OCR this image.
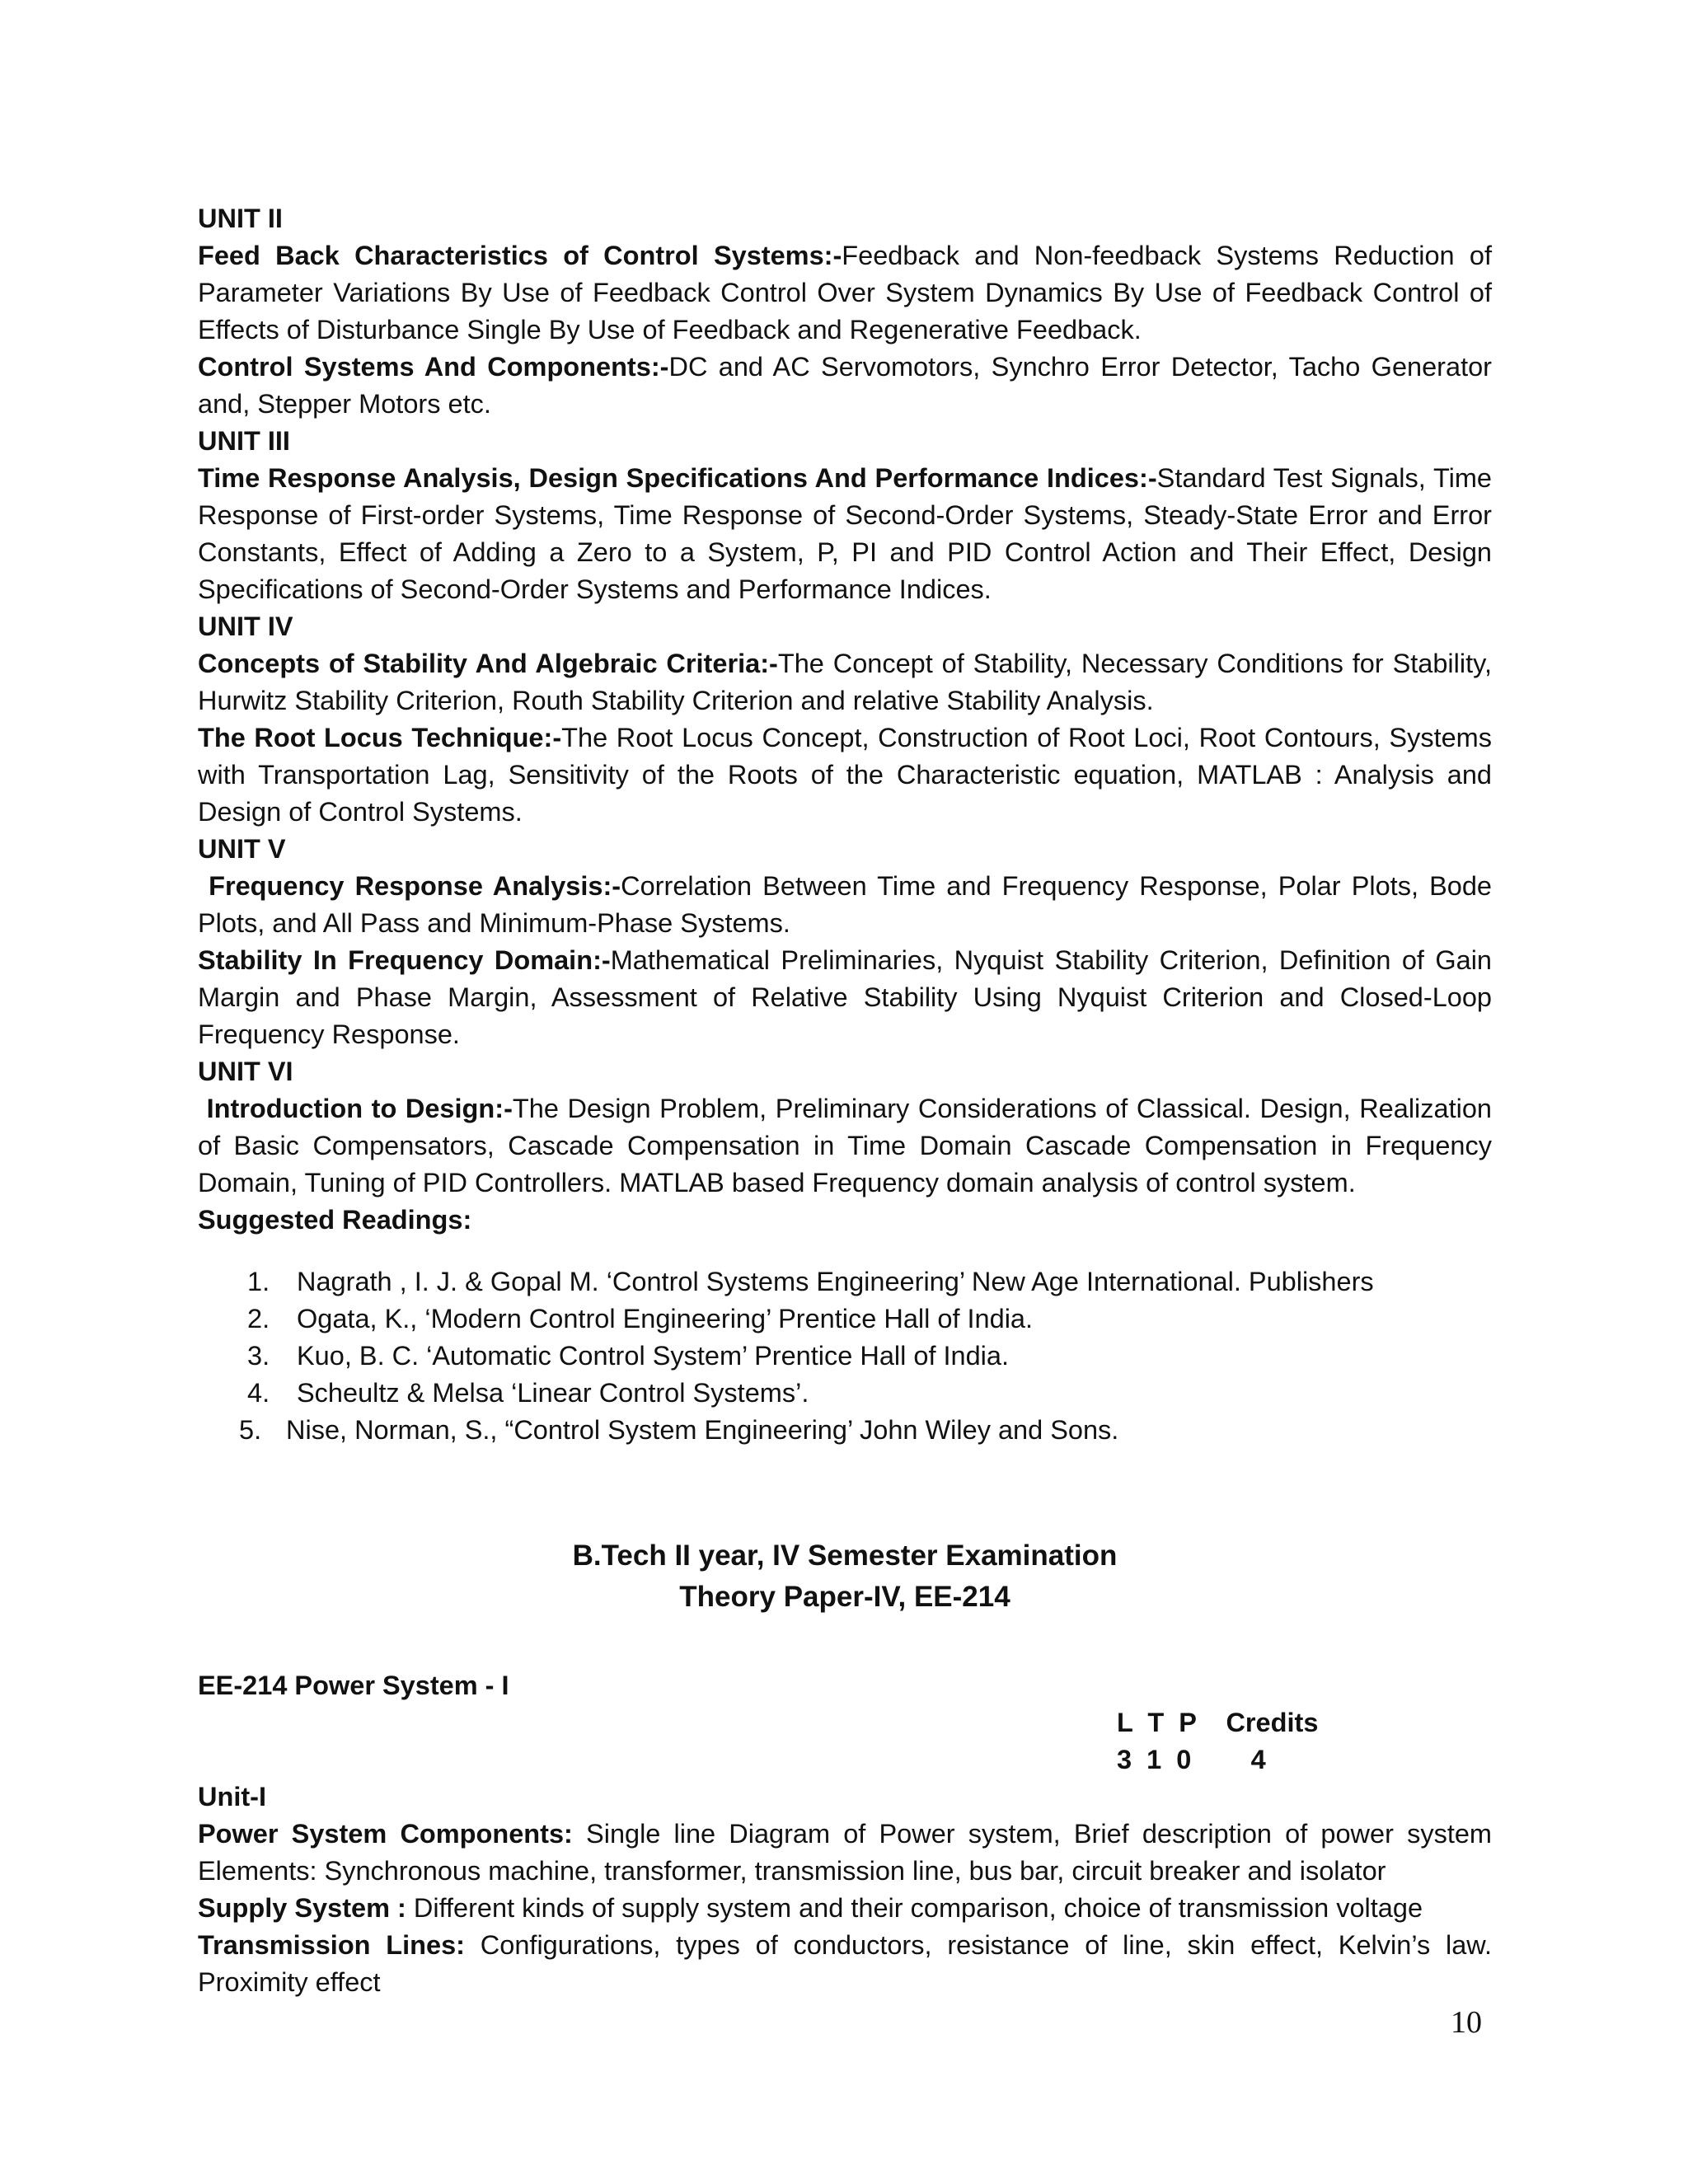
UNIT II

Feed Back Characteristics of Control Systems:-Feedback and Non-feedback Systems Reduction of Parameter Variations By Use of Feedback Control Over System Dynamics By Use of Feedback Control of Effects of Disturbance Single By Use of Feedback and Regenerative Feedback.

Control Systems And Components:-DC and AC Servomotors, Synchro Error Detector, Tacho Generator and, Stepper Motors etc.

UNIT III

Time Response Analysis, Design Specifications And Performance Indices:-Standard Test Signals, Time Response of First-order Systems, Time Response of Second-Order Systems, Steady-State Error and Error Constants, Effect of Adding a Zero to a System, P, PI and PID Control Action and Their Effect, Design Specifications of Second-Order Systems and Performance Indices.

UNIT IV

Concepts of Stability And Algebraic Criteria:-The Concept of Stability, Necessary Conditions for Stability, Hurwitz Stability Criterion, Routh Stability Criterion and relative Stability Analysis.

The Root Locus Technique:-The Root Locus Concept, Construction of Root Loci, Root Contours, Systems with Transportation Lag, Sensitivity of the Roots of the Characteristic equation, MATLAB : Analysis and Design of Control Systems.

UNIT V

Frequency Response Analysis:-Correlation Between Time and Frequency Response, Polar Plots, Bode Plots, and All Pass and Minimum-Phase Systems.

Stability In Frequency Domain:-Mathematical Preliminaries, Nyquist Stability Criterion, Definition of Gain Margin and Phase Margin, Assessment of Relative Stability Using Nyquist Criterion and Closed-Loop Frequency Response.

UNIT VI

Introduction to Design:-The Design Problem, Preliminary Considerations of Classical. Design, Realization of Basic Compensators, Cascade Compensation in Time Domain Cascade Compensation in Frequency Domain, Tuning of PID Controllers. MATLAB based Frequency domain analysis of control system.

Suggested Readings:
1. Nagrath , I. J. & Gopal M. ‘Control Systems Engineering’ New Age International. Publishers
2. Ogata, K., ‘Modern Control Engineering’ Prentice Hall of India.
3. Kuo, B. C. ‘Automatic Control System’ Prentice Hall of India.
4. Scheultz & Melsa ‘Linear Control Systems’.
5. Nise, Norman, S., “Control System Engineering’ John Wiley and Sons.
B.Tech II year, IV Semester Examination
Theory Paper-IV, EE-214
EE-214 Power System - I
L  T  P    Credits
3  1  0        4
Unit-I

Power System Components: Single line Diagram of Power system, Brief description of power system Elements: Synchronous machine, transformer, transmission line, bus bar, circuit breaker and isolator

Supply System : Different kinds of supply system and their comparison, choice of transmission voltage

Transmission Lines: Configurations, types of conductors, resistance of line, skin effect, Kelvin’s law. Proximity effect

10
